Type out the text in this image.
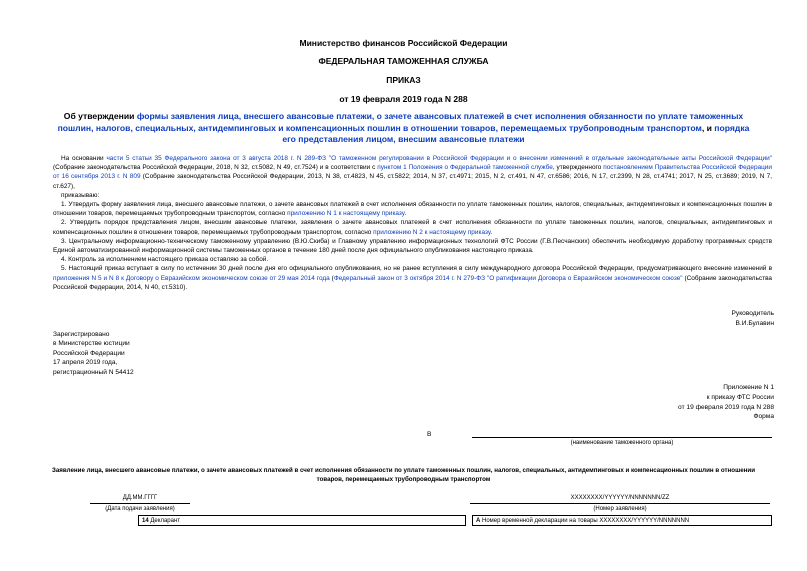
Министерство финансов Российской Федерации
ФЕДЕРАЛЬНАЯ ТАМОЖЕННАЯ СЛУЖБА
ПРИКАЗ
от 19 февраля 2019 года N 288
Об утверждении формы заявления лица, внесшего авансовые платежи, о зачете авансовых платежей в счет исполнения обязанности по уплате таможенных пошлин, налогов, специальных, антидемпинговых и компенсационных пошлин в отношении товаров, перемещаемых трубопроводным транспортом, и порядка его представления лицом, внесшим авансовые платежи

На основании части 5 статьи 35 Федерального закона от 3 августа 2018 г. N 289-ФЗ "О таможенном регулировании в Российской Федерации и о внесении изменений в отдельные законодательные акты Российской Федерации" (Собрание законодательства Российской Федерации, 2018, N 32, ст.5082, N 49, ст.7524) и в соответствии с пунктом 1 Положения о Федеральной таможенной службе, утвержденного постановлением Правительства Российской Федерации от 16 сентября 2013 г. N 809 (Собрание законодательства Российской Федерации, 2013, N 38, ст.4823, N 45, ст.5822; 2014, N 37, ст.4971; 2015, N 2, ст.491, N 47, ст.6586; 2016, N 17, ст.2399, N 28, ст.4741; 2017, N 25, ст.3689; 2019, N 7, ст.627),

приказываю:

1. Утвердить форму заявления лица, внесшего авансовые платежи, о зачете авансовых платежей в счет исполнения обязанности по уплате таможенных пошлин, налогов, специальных, антидемпинговых и компенсационных пошлин в отношении товаров, перемещаемых трубопроводным транспортом, согласно приложению N 1 к настоящему приказу.

2. Утвердить порядок представления лицом, внесшим авансовые платежи, заявления о зачете авансовых платежей в счет исполнения обязанности по уплате таможенных пошлин, налогов, специальных, антидемпинговых и компенсационных пошлин в отношении товаров, перемещаемых трубопроводным транспортом, согласно приложению N 2 к настоящему приказу.

3. Центральному информационно-техническому таможенному управлению (В.Ю.Скиба) и Главному управлению информационных технологий ФТС России (Г.В.Песчанских) обеспечить необходимую доработку программных средств Единой автоматизированной информационной системы таможенных органов в течение 180 дней после дня официального опубликования настоящего приказа.

4. Контроль за исполнением настоящего приказа оставляю за собой.

5. Настоящий приказ вступает в силу по истечении 30 дней после дня его официального опубликования, но не ранее вступления в силу международного договора Российской Федерации, предусматривающего внесение изменений в приложения N 5 и N 8 к Договору о Евразийском экономическом союзе от 29 мая 2014 года (Федеральный закон от 3 октября 2014 г. N 279-ФЗ "О ратификации Договора о Евразийском экономическом союзе" (Собрание законодательства Российской Федерации, 2014, N 40, ст.5310).

Руководитель
В.И.Булавин
Зарегистрировано
в Министерстве юстиции
Российской Федерации
17 апреля 2019 года,
регистрационный N 54412
Приложение N 1
к приказу ФТС России
от 19 февраля 2019 года N 288
Форма
В
(наименование таможенного органа)
Заявление лица, внесшего авансовые платежи, о зачете авансовых платежей в счет исполнения обязанности по уплате таможенных пошлин, налогов, специальных, антидемпинговых и компенсационных пошлин в отношении товаров, перемещаемых трубопроводным транспортом
ДД.ММ.ГГГГ
(Дата подачи заявления)
ХХХХХХХХ/YYYYYY/NNNNNNN/ZZ
(Номер заявления)
14 Декларант	А Номер временной декларации на товары XXXXXXXX/YYYYYY/NNNNNNN
